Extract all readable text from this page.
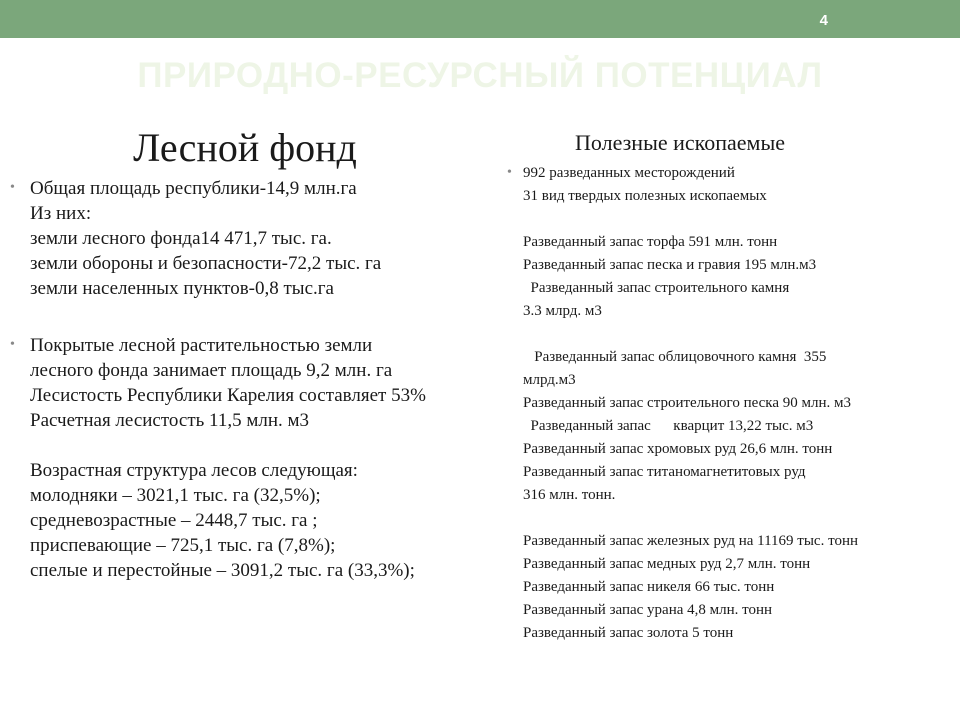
4
ПРИРОДНО-РЕСУРСНЫЙ ПОТЕНЦИАЛ
Лесной фонд
• Общая площадь республики-14,9 млн.га
Из них:
земли лесного фонда14 471,7 тыс. га.
земли обороны и безопасности-72,2 тыс. га
земли населенных пунктов-0,8 тыс.га
• Покрытые лесной растительностью земли
лесного фонда занимает площадь 9,2 млн. га
Лесистость Республики Карелия составляет 53%
Расчетная лесистость 11,5 млн. м3
Возрастная структура лесов следующая:
молодняки – 3021,1 тыс. га (32,5%);
средневозрастные – 2448,7 тыс. га ;
приспевающие – 725,1 тыс. га (7,8%);
спелые и перестойные – 3091,2 тыс. га (33,3%);
Полезные ископаемые
• 992 разведанных месторождений
31 вид твердых полезных ископаемых
Разведанный запас торфа 591 млн. тонн
Разведанный запас песка и гравия 195 млн.м3
Разведанный запас строительного камня
3.3 млрд. м3
Разведанный запас облицовочного камня  355
млрд.м3
Разведанный запас строительного песка 90 млн. м3
Разведанный запас      кварцит 13,22 тыс. м3
Разведанный запас хромовых руд 26,6 млн. тонн
Разведанный запас титаномагнетитовых руд
316 млн. тонн.
Разведанный запас железных руд на 11169 тыс. тонн
Разведанный запас медных руд 2,7 млн. тонн
Разведанный запас никеля 66 тыс. тонн
Разведанный запас урана 4,8 млн. тонн
Разведанный запас золота 5 тонн
